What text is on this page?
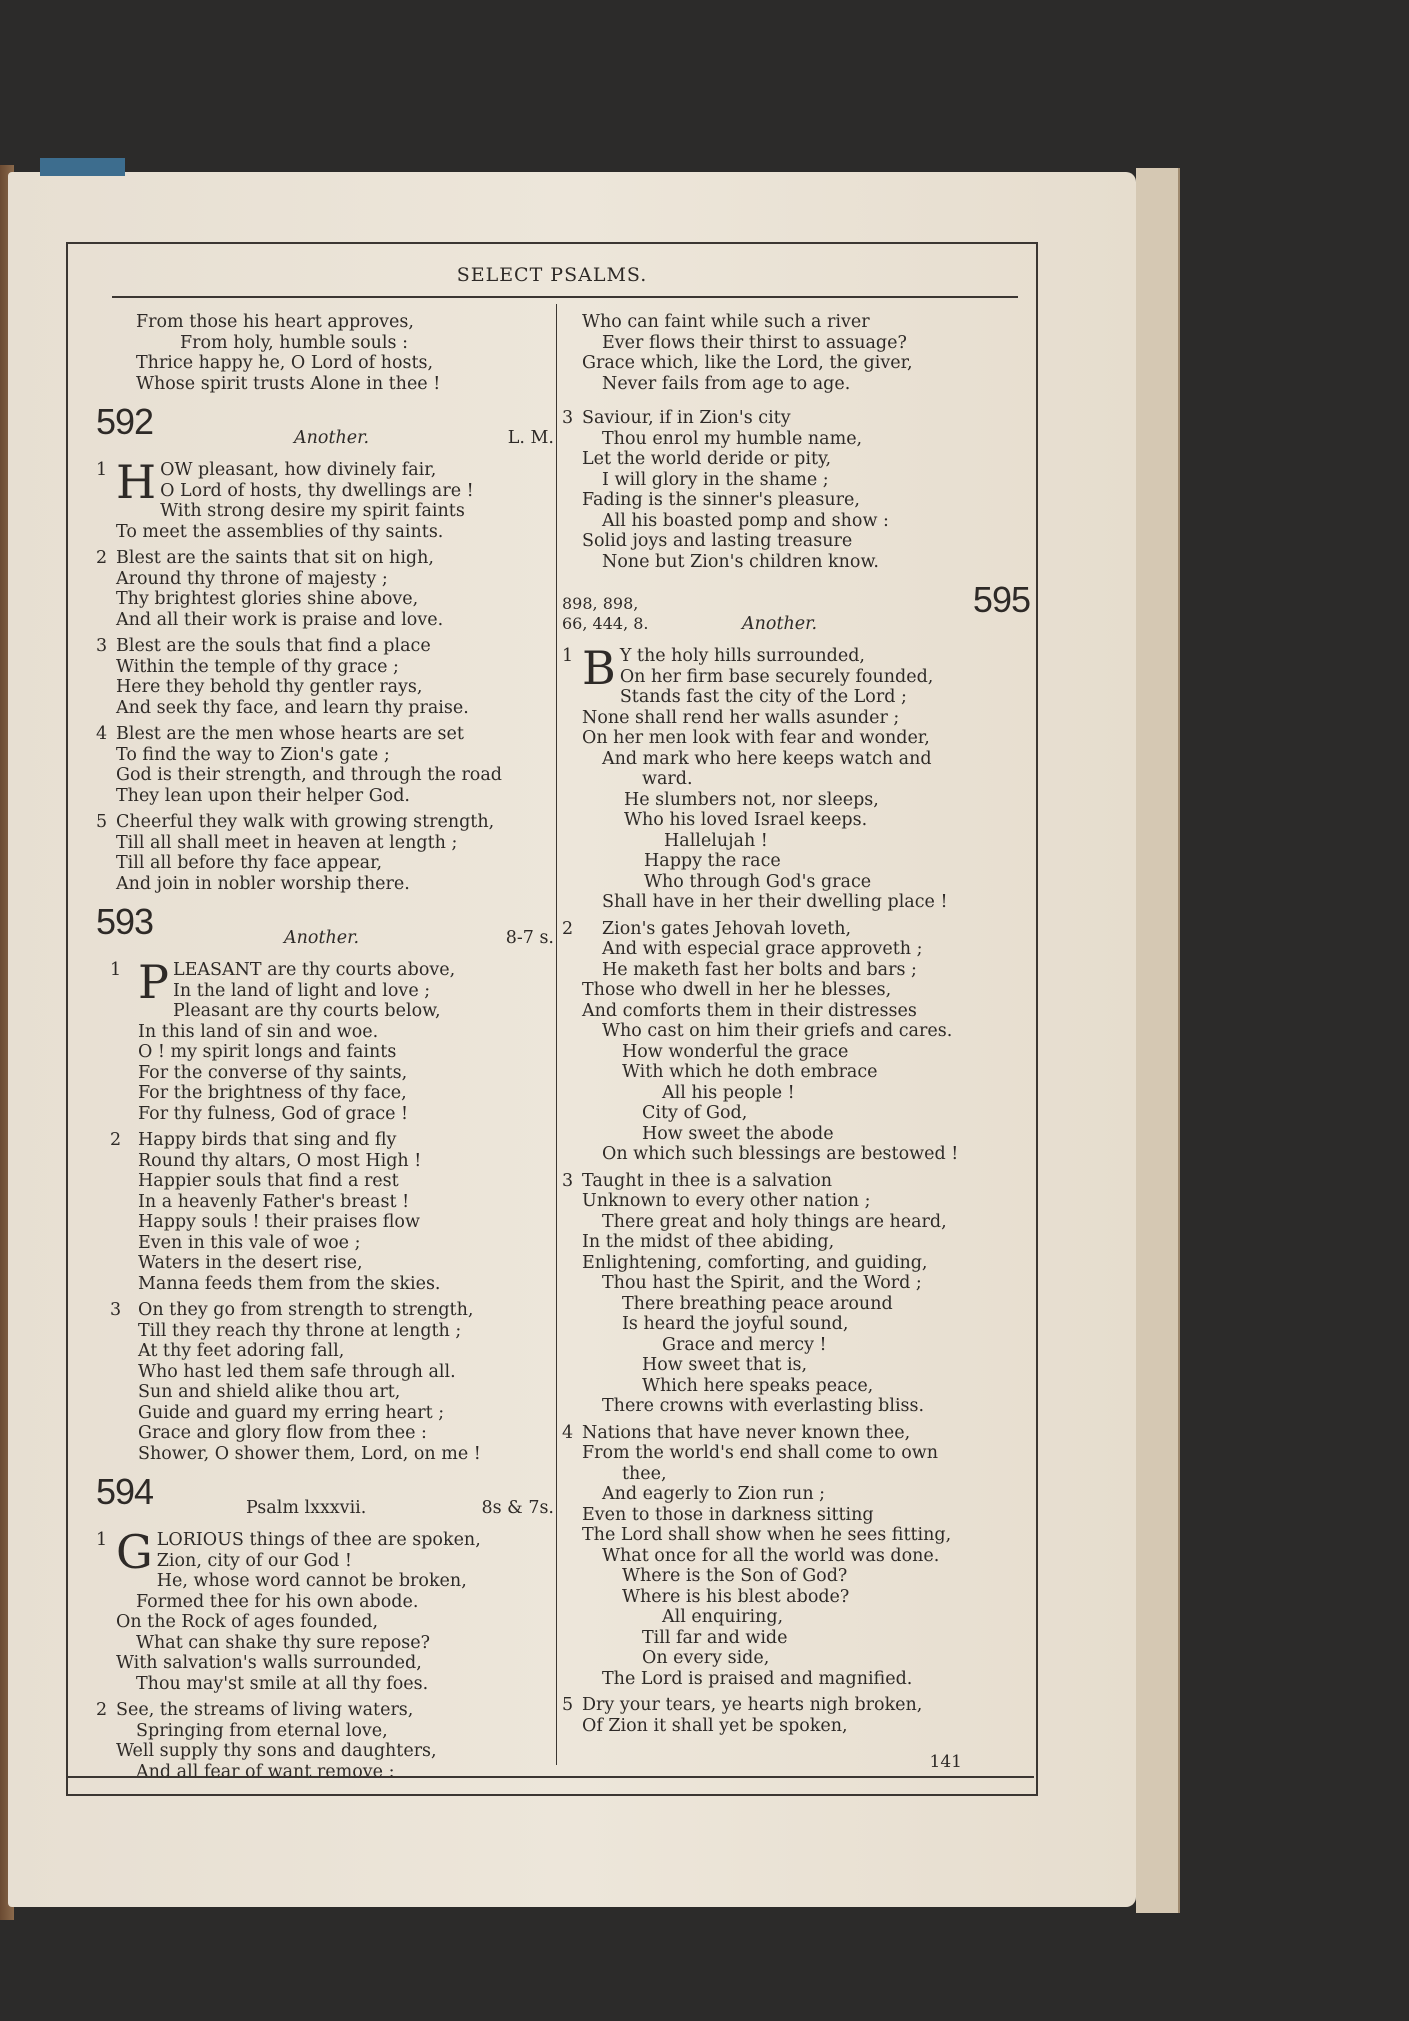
SELECT PSALMS.
From those his heart approves,
From holy, humble souls :
Thrice happy he, O Lord of hosts,
Whose spirit trusts Alone in thee !
592	Another.	L. M.
1 H OW pleasant, how divinely fair,
O Lord of hosts, thy dwellings are !
With strong desire my spirit faints
To meet the assemblies of thy saints.
2 Blest are the saints that sit on high,
Around thy throne of majesty ;
Thy brightest glories shine above,
And all their work is praise and love.
3 Blest are the souls that find a place
Within the temple of thy grace ;
Here they behold thy gentler rays,
And seek thy face, and learn thy praise.
4 Blest are the men whose hearts are set
To find the way to Zion's gate ;
God is their strength, and through the road
They lean upon their helper God.
5 Cheerful they walk with growing strength,
Till all shall meet in heaven at length ;
Till all before thy face appear,
And join in nobler worship there.
593	Another.	8-7 s.
1 P LEASANT are thy courts above,
In the land of light and love ;
Pleasant are thy courts below,
In this land of sin and woe.
O ! my spirit longs and faints
For the converse of thy saints,
For the brightness of thy face,
For thy fulness, God of grace !
2 Happy birds that sing and fly
Round thy altars, O most High !
Happier souls that find a rest
In a heavenly Father's breast !
Happy souls ! their praises flow
Even in this vale of woe ;
Waters in the desert rise,
Manna feeds them from the skies.
3 On they go from strength to strength,
Till they reach thy throne at length ;
At thy feet adoring fall,
Who hast led them safe through all.
Sun and shield alike thou art,
Guide and guard my erring heart ;
Grace and glory flow from thee :
Shower, O shower them, Lord, on me !
594	Psalm lxxxvii.	8s & 7s.
1 G LORIOUS things of thee are spoken,
Zion, city of our God !
He, whose word cannot be broken,
Formed thee for his own abode.
On the Rock of ages founded,
What can shake thy sure repose?
With salvation's walls surrounded,
Thou may'st smile at all thy foes.
2 See, the streams of living waters,
Springing from eternal love,
Well supply thy sons and daughters,
And all fear of want remove :
Who can faint while such a river
Ever flows their thirst to assuage?
Grace which, like the Lord, the giver,
Never fails from age to age.
3 Saviour, if in Zion's city
Thou enrol my humble name,
Let the world deride or pity,
I will glory in the shame ;
Fading is the sinner's pleasure,
All his boasted pomp and show :
Solid joys and lasting treasure
None but Zion's children know.
898, 898,
66, 444, 8.	Another.
595
1 B Y the holy hills surrounded,
On her firm base securely founded,
Stands fast the city of the Lord ;
None shall rend her walls asunder ;
On her men look with fear and wonder,
And mark who here keeps watch and
ward.
He slumbers not, nor sleeps,
Who his loved Israel keeps.
Hallelujah !
Happy the race
Who through God's grace
Shall have in her their dwelling place !
2	Zion's gates Jehovah loveth,
And with especial grace approveth ;
He maketh fast her bolts and bars ;
Those who dwell in her he blesses,
And comforts them in their distresses
Who cast on him their griefs and cares.
How wonderful the grace
With which he doth embrace
All his people !
City of God,
How sweet the abode
On which such blessings are bestowed !
3 Taught in thee is a salvation
Unknown to every other nation ;
There great and holy things are heard,
In the midst of thee abiding,
Enlightening, comforting, and guiding,
Thou hast the Spirit, and the Word ;
There breathing peace around
Is heard the joyful sound,
Grace and mercy !
How sweet that is,
Which here speaks peace,
There crowns with everlasting bliss.
4 Nations that have never known thee,
From the world's end shall come to own
thee,
And eagerly to Zion run ;
Even to those in darkness sitting
The Lord shall show when he sees fitting,
What once for all the world was done.
Where is the Son of God?
Where is his blest abode?
All enquiring,
Till far and wide
On every side,
The Lord is praised and magnified.
5 Dry your tears, ye hearts nigh broken,
Of Zion it shall yet be spoken,
141
